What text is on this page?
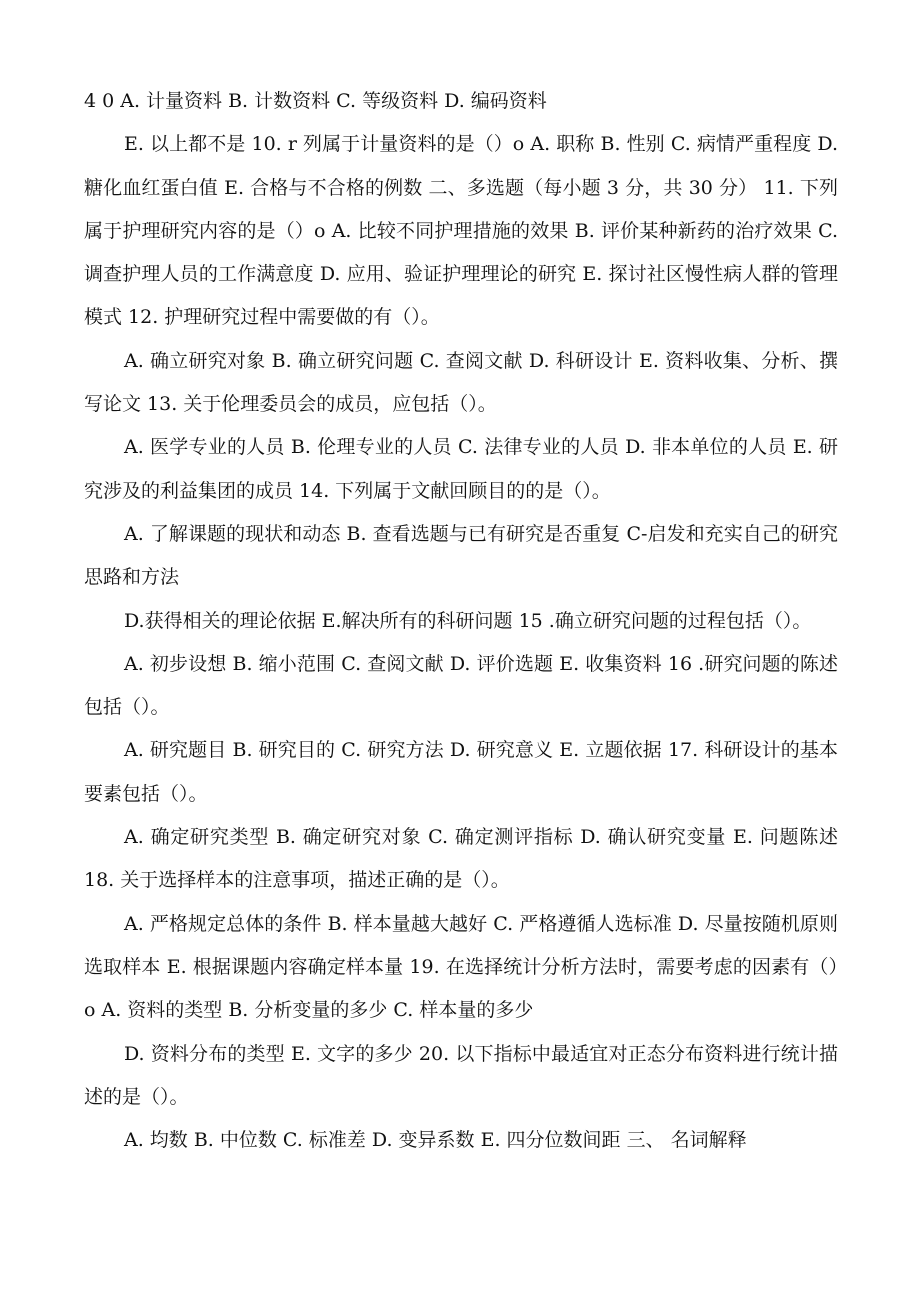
4 0 A. 计量资料 B. 计数资料 C. 等级资料 D. 编码资料

E. 以上都不是 10. r 列属于计量资料的是（）o A. 职称 B. 性别 C. 病情严重程度 D. 糖化血红蛋白值 E. 合格与不合格的例数 二、多选题（每小题 3 分，共 30 分） 11. 下列属于护理研究内容的是（）o A. 比较不同护理措施的效果 B. 评价某种新药的治疗效果 C. 调查护理人员的工作满意度 D. 应用、验证护理理论的研究 E. 探讨社区慢性病人群的管理模式 12. 护理研究过程中需要做的有（）。

A. 确立研究对象 B. 确立研究问题 C. 查阅文献 D. 科研设计 E. 资料收集、分析、撰写论文 13. 关于伦理委员会的成员，应包括（）。

A. 医学专业的人员 B. 伦理专业的人员 C. 法律专业的人员 D. 非本单位的人员 E. 研究涉及的利益集团的成员 14. 下列属于文献回顾目的的是（）。

A. 了解课题的现状和动态 B. 查看选题与已有研究是否重复 C-启发和充实自己的研究思路和方法

D.获得相关的理论依据 E.解决所有的科研问题 15 .确立研究问题的过程包括（）。

A. 初步设想 B. 缩小范围 C. 查阅文献 D. 评价选题 E. 收集资料 16 .研究问题的陈述包括（）。

A. 研究题目 B. 研究目的 C. 研究方法 D. 研究意义 E. 立题依据 17. 科研设计的基本要素包括（）。

A. 确定研究类型 B. 确定研究对象 C. 确定测评指标 D. 确认研究变量 E. 问题陈述 18. 关于选择样本的注意事项，描述正确的是（）。

A. 严格规定总体的条件 B. 样本量越大越好 C. 严格遵循人选标准 D. 尽量按随机原则选取样本 E. 根据课题内容确定样本量 19. 在选择统计分析方法时，需要考虑的因素有（）o A. 资料的类型 B. 分析变量的多少 C. 样本量的多少

D. 资料分布的类型 E. 文字的多少 20. 以下指标中最适宜对正态分布资料进行统计描述的是（）。

A. 均数 B. 中位数 C. 标准差 D. 变异系数 E. 四分位数间距 三、 名词解释
